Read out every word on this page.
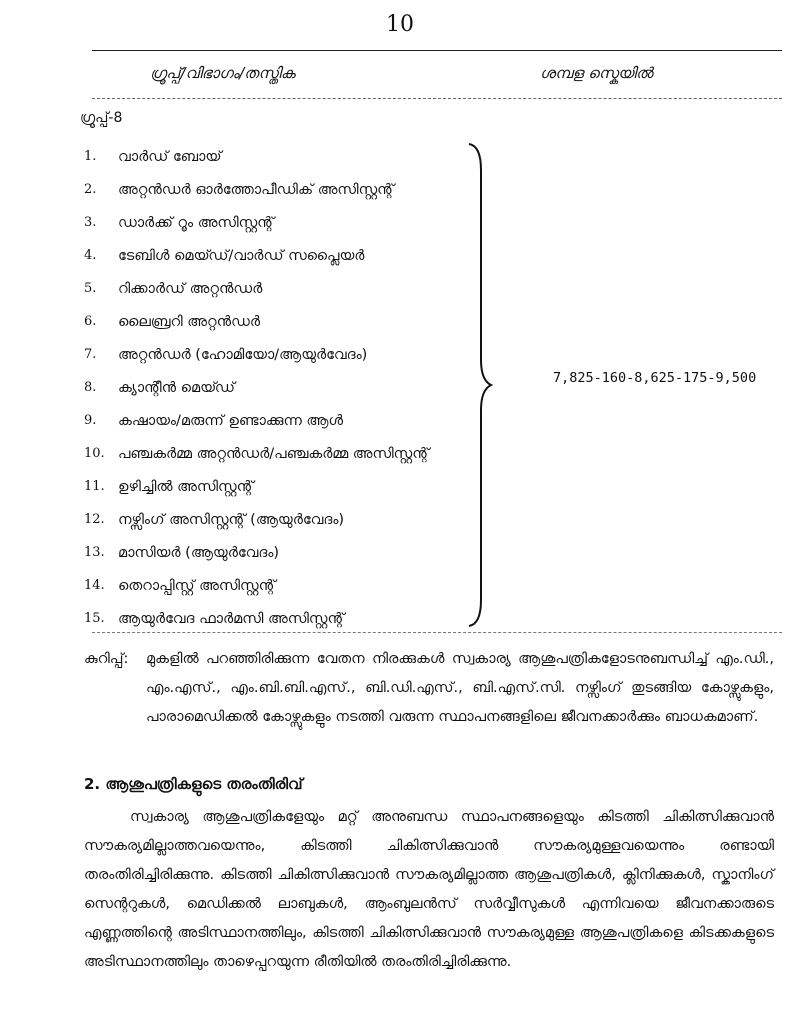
10
ഗ്രൂപ്പ്/വിഭാഗം/തസ്തിക	ശമ്പള സ്കെയിൽ
ഗ്രൂപ്പ്-8
1.	വാർഡ് ബോയ്
2.	അറ്റൻഡർ ഓർത്തോപീഡിക് അസിസ്റ്റന്റ്
3.	ഡാർക്ക് റൂം അസിസ്റ്റന്റ്
4.	ടേബിൾ മെയ്ഡ്/വാർഡ് സപ്ലൈയർ
5.	റിക്കാർഡ് അറ്റൻഡർ
6.	ലൈബ്രറി അറ്റൻഡർ
7.	അറ്റൻഡർ (ഹോമിയോ/ആയുർവേദം)
8.	ക്യാന്റീൻ മെയ്ഡ്
9.	കഷായം/മരുന്ന് ഉണ്ടാക്കുന്ന ആൾ
10. പഞ്ചകർമ്മ അറ്റൻഡർ/പഞ്ചകർമ്മ അസിസ്റ്റന്റ്
11. ഉഴിച്ചിൽ അസിസ്റ്റന്റ്
12. നഴ്സിംഗ് അസിസ്റ്റന്റ് (ആയുർവേദം)
13. മാസിയർ (ആയുർവേദം)
14. തെറാപ്പിസ്റ്റ് അസിസ്റ്റന്റ്
15. ആയുർവേദ ഫാർമസി അസിസ്റ്റന്റ്
7,825-160-8,625-175-9,500
കുറിപ്പ്:	മുകളിൽ പറഞ്ഞിരിക്കുന്ന വേതന നിരക്കുകൾ സ്വകാര്യ ആശുപത്രികളോടനുബന്ധിച്ച് എം.ഡി., എം.എസ്., എം.ബി.ബി.എസ്., ബി.ഡി.എസ്., ബി.എസ്.സി. നഴ്സിംഗ് തുടങ്ങിയ കോഴ്സുകളും, പാരാമെഡിക്കൽ കോഴ്സുകളും നടത്തി വരുന്ന സ്ഥാപനങ്ങളിലെ ജീവനക്കാർക്കും ബാധകമാണ്.
2. ആശുപത്രികളുടെ തരംതിരിവ്

സ്വകാര്യ ആശുപത്രികളേയും മറ്റ് അനുബന്ധ സ്ഥാപനങ്ങളെയും കിടത്തി ചികിത്സിക്കുവാൻ സൗകര്യമില്ലാത്തവയെന്നും, കിടത്തി ചികിത്സിക്കുവാൻ സൗകര്യമുള്ളവയെന്നും രണ്ടായി തരംതിരിച്ചിരിക്കുന്നു. കിടത്തി ചികിത്സിക്കുവാൻ സൗകര്യമില്ലാത്ത ആശുപത്രികൾ, ക്ലിനിക്കുകൾ, സ്കാനിംഗ് സെന്ററുകൾ, മെഡിക്കൽ ലാബുകൾ, ആംബുലൻസ് സർവ്വീസുകൾ എന്നിവയെ ജീവനക്കാരുടെ എണ്ണത്തിന്റെ അടിസ്ഥാനത്തിലും, കിടത്തി ചികിത്സിക്കുവാൻ സൗകര്യമുള്ള ആശുപത്രികളെ കിടക്കകളുടെ അടിസ്ഥാനത്തിലും താഴെപ്പറയുന്ന രീതിയിൽ തരംതിരിച്ചിരിക്കുന്നു.
